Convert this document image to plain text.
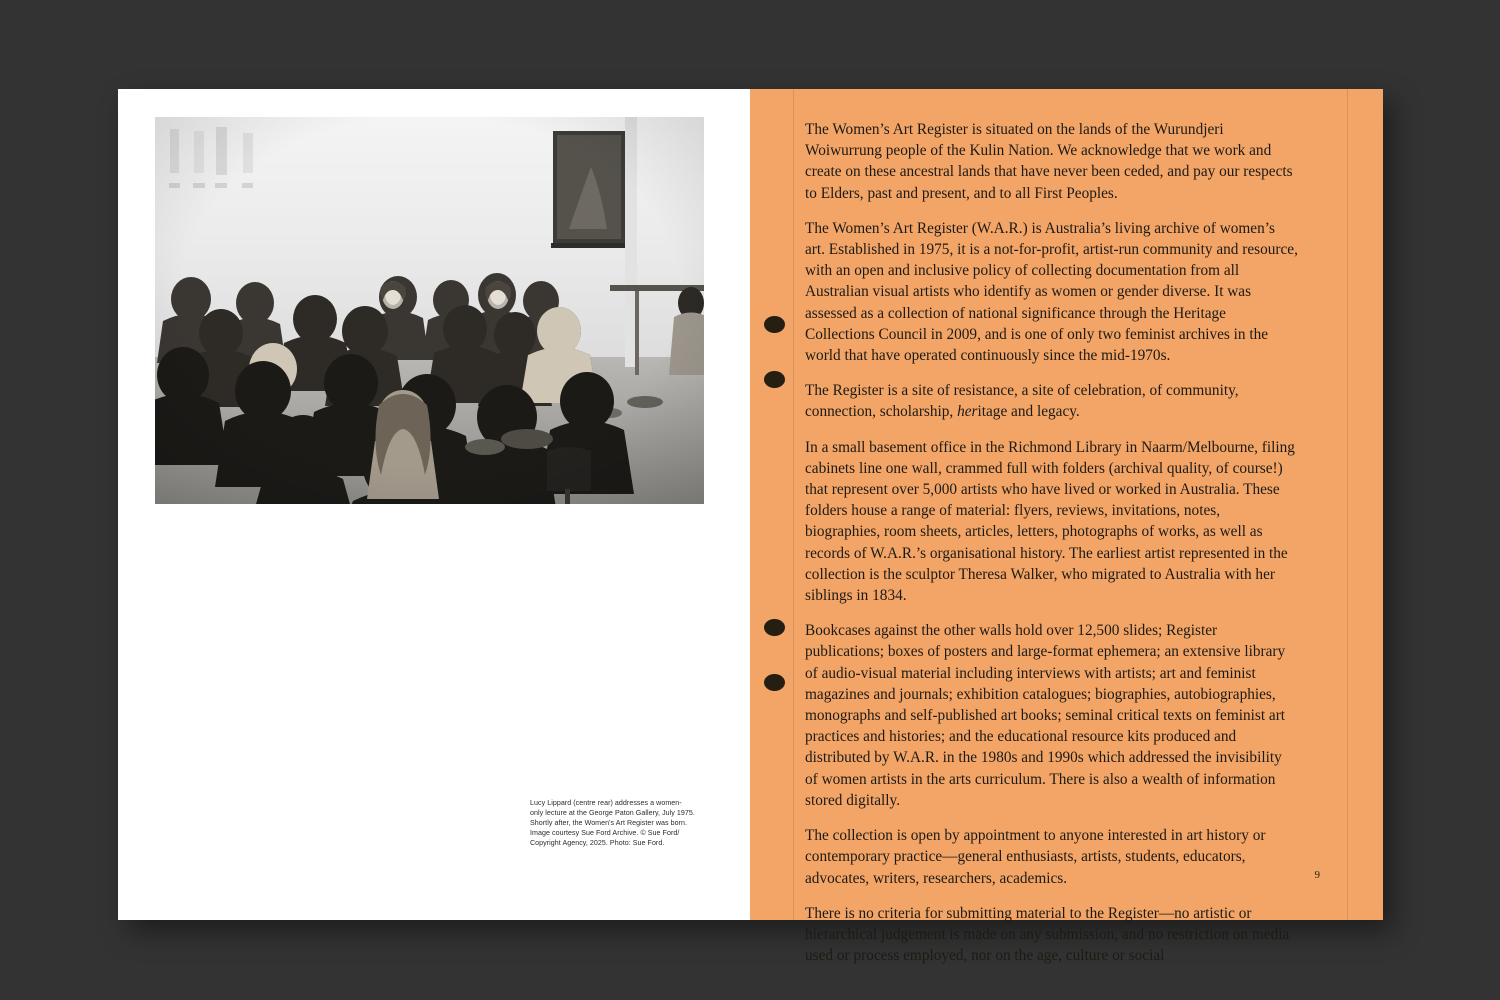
Lucy Lippard (centre rear) addresses a women-
only lecture at the George Paton Gallery, July 1975.
Shortly after, the Women's Art Register was born.
Image courtesy Sue Ford Archive. © Sue Ford/
Copyright Agency, 2025. Photo: Sue Ford.

The Women’s Art Register is situated on the lands of the Wurundjeri Woiwurrung people of the Kulin Nation. We acknowledge that we work and create on these ancestral lands that have never been ceded, and pay our respects to Elders, past and present, and to all First Peoples.

The Women’s Art Register (W.A.R.) is Australia’s living archive of women’s art. Established in 1975, it is a not-for-profit, artist-run community and resource, with an open and inclusive policy of collecting documentation from all Australian visual artists who identify as women or gender diverse. It was assessed as a collection of national significance through the Heritage Collections Council in 2009, and is one of only two feminist archives in the world that have operated continuously since the mid-1970s.

The Register is a site of resistance, a site of celebration, of community, connection, scholarship, heritage and legacy.

In a small basement office in the Richmond Library in Naarm/Melbourne, filing cabinets line one wall, crammed full with folders (archival quality, of course!) that represent over 5,000 artists who have lived or worked in Australia. These folders house a range of material: flyers, reviews, invitations, notes, biographies, room sheets, articles, letters, photographs of works, as well as records of W.A.R.’s organisational history. The earliest artist represented in the collection is the sculptor Theresa Walker, who migrated to Australia with her siblings in 1834.

Bookcases against the other walls hold over 12,500 slides; Register publications; boxes of posters and large-format ephemera; an extensive library of audio-visual material including interviews with artists; art and feminist magazines and journals; exhibition catalogues; biographies, autobiographies, monographs and self-published art books; seminal critical texts on feminist art practices and histories; and the educational resource kits produced and distributed by W.A.R. in the 1980s and 1990s which addressed the invisibility of women artists in the arts curriculum. There is also a wealth of information stored digitally.

The collection is open by appointment to anyone interested in art history or contemporary practice—general enthusiasts, artists, students, educators, advocates, writers, researchers, academics.

There is no criteria for submitting material to the Register—no artistic or hierarchical judgement is made on any submission, and no restriction on media used or process employed, nor on the age, culture or social

9
